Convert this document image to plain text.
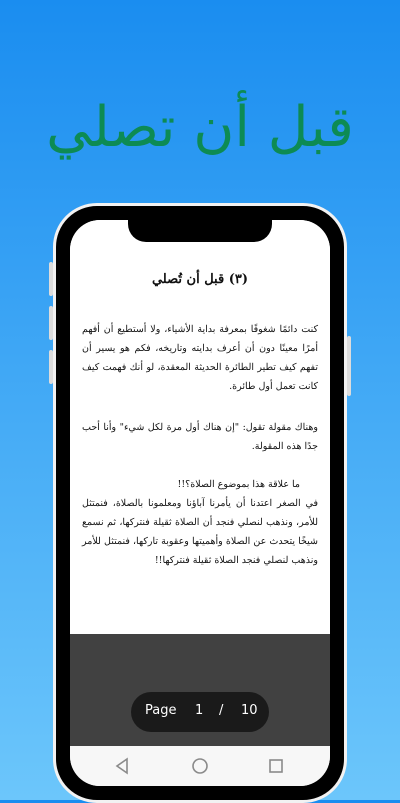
قبل أن تصلي
(٣) قبل أن تُصلي
كنت دائمًا شغوفًا بمعرفة بداية الأشياء، ولا أستطيع أن أفهم أمرًا معينًا دون أن أعرف بدايته وتاريخه، فكم هو يسير أن تفهم كيف تطير الطائرة الحديثة المعقدة، لو أنك فهمت كيف كانت تعمل أول طائرة.
وهناك مقولة تقول: "إن هناك أول مرة لكل شيء" وأنا أحب جدًا هذه المقولة.
ما علاقة هذا بموضوع الصلاة؟!!
في الصغر اعتدنا أن يأمرنا آباؤنا ومعلمونا بالصلاة، فنمتثل للأمر، ونذهب لنصلي فنجد أن الصلاة ثقيلة فنتركها، ثم نسمع شيخًا يتحدث عن الصلاة وأهميتها وعقوبة تاركها، فنمتثل للأمر ونذهب لنصلي فنجد الصلاة ثقيلة فنتركها!!
Page 1 / 10
